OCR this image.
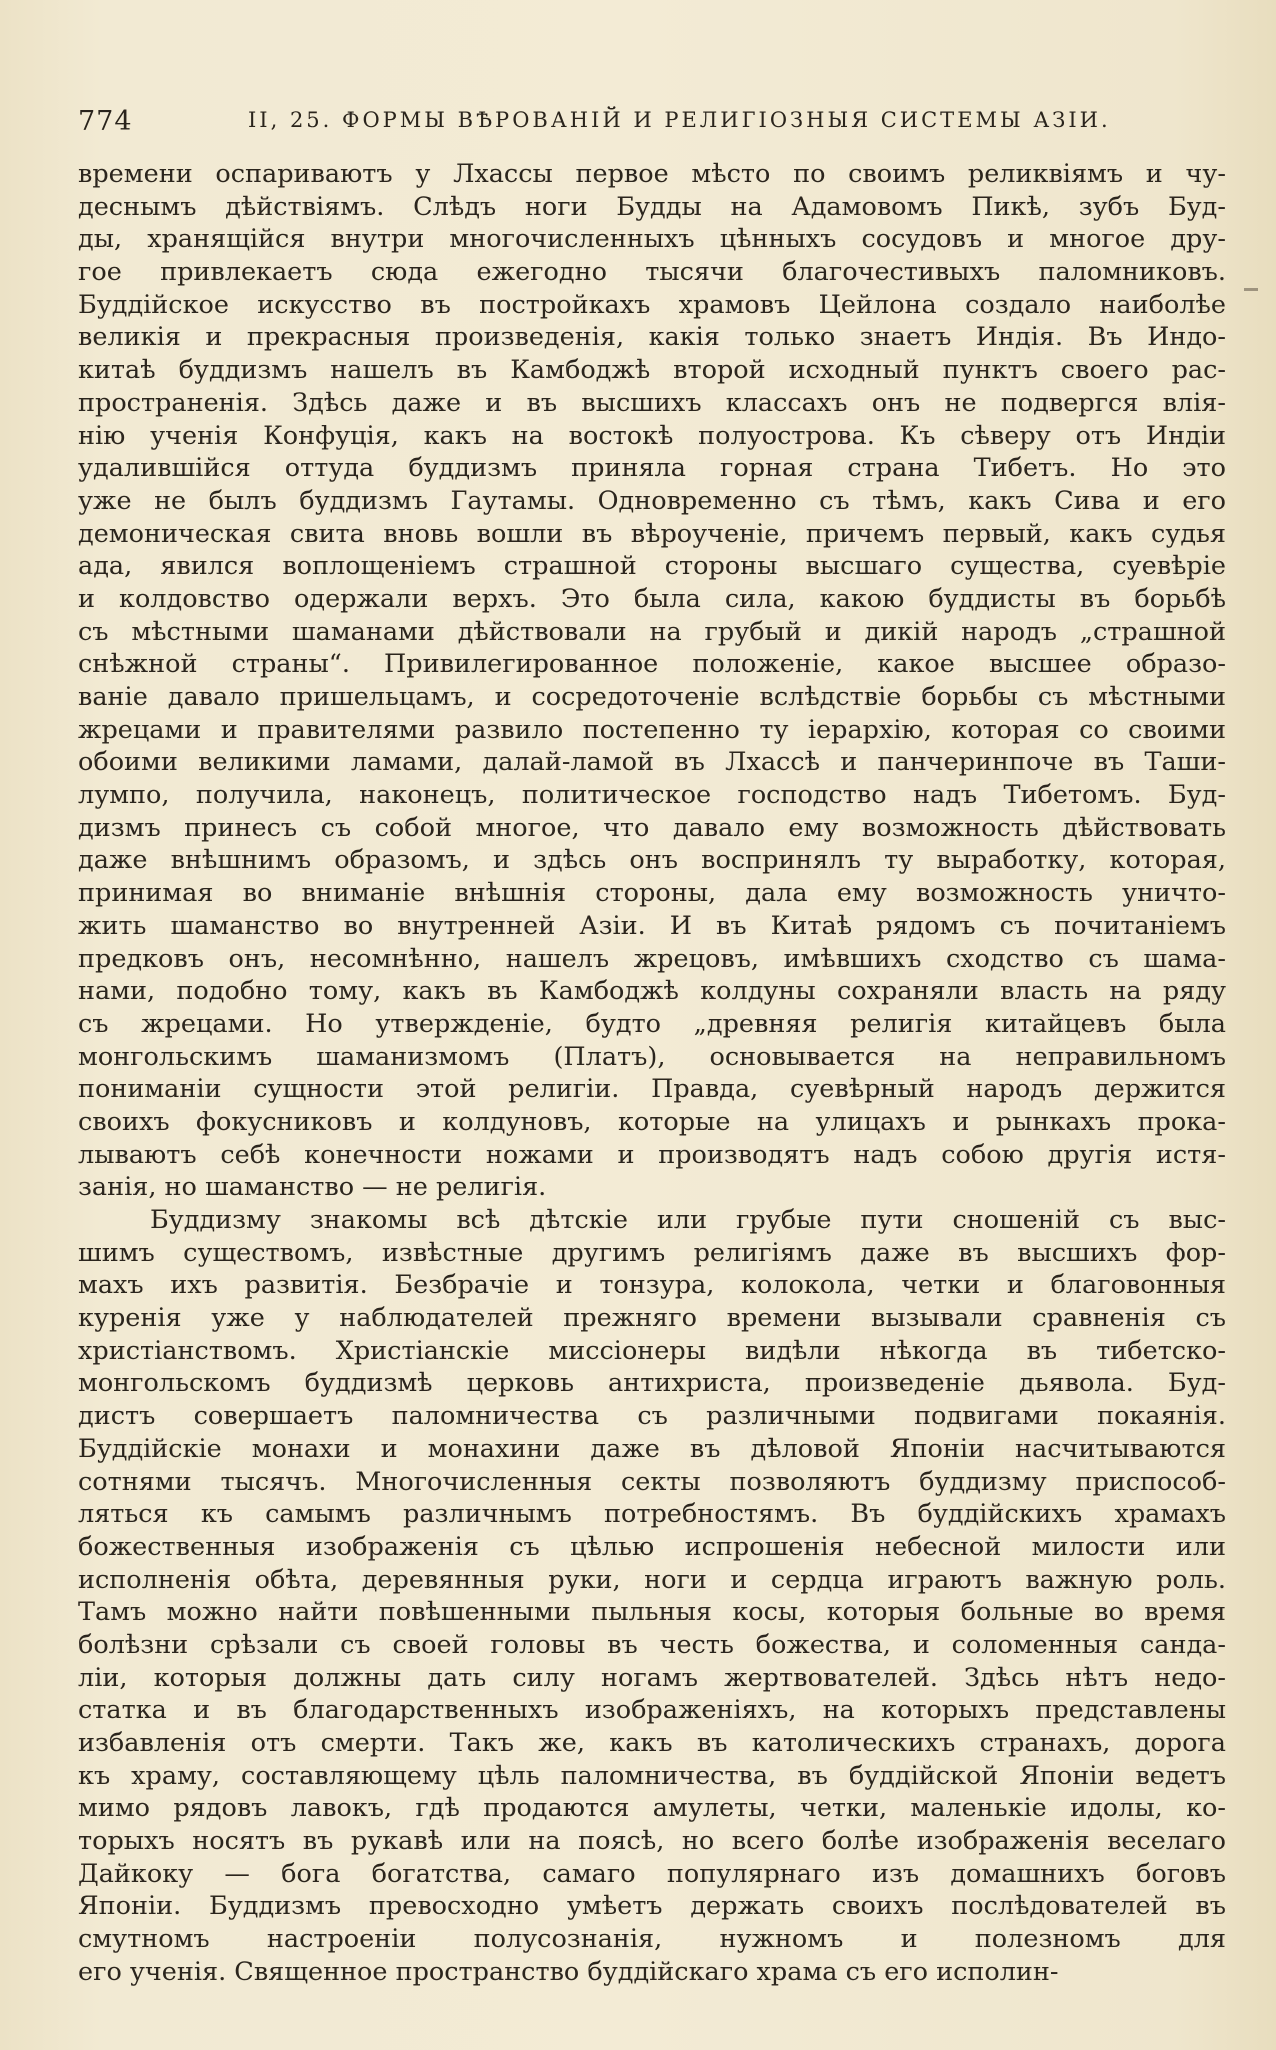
774	II, 25. ФОРМЫ ВѢРОВАНІЙ И РЕЛИГІОЗНЫЯ СИСТЕМЫ АЗІИ.
времени оспариваютъ у Лхассы первое мѣсто по своимъ реликвіямъ и чу-
деснымъ дѣйствіямъ. Слѣдъ ноги Будды на Адамовомъ Пикѣ, зубъ Буд-
ды, хранящійся внутри многочисленныхъ цѣнныхъ сосудовъ и многое дру-
гое привлекаетъ сюда ежегодно тысячи благочестивыхъ паломниковъ.
Буддійское искусство въ постройкахъ храмовъ Цейлона создало наиболѣе
великія и прекрасныя произведенія, какія только знаетъ Индія. Въ Индо-
китаѣ буддизмъ нашелъ въ Камбоджѣ второй исходный пунктъ своего рас-
пространенія. Здѣсь даже и въ высшихъ классахъ онъ не подвергся влія-
нію ученія Конфуція, какъ на востокѣ полуострова. Къ сѣверу отъ Индіи
удалившійся оттуда буддизмъ приняла горная страна Тибетъ. Но это
уже не былъ буддизмъ Гаутамы. Одновременно съ тѣмъ, какъ Сива и его
демоническая свита вновь вошли въ вѣроученіе, причемъ первый, какъ судья
ада, явился воплощеніемъ страшной стороны высшаго существа, суевѣріе
и колдовство одержали верхъ. Это была сила, какою буддисты въ борьбѣ
съ мѣстными шаманами дѣйствовали на грубый и дикій народъ „страшной
снѣжной страны“. Привилегированное положеніе, какое высшее образо-
ваніе давало пришельцамъ, и сосредоточеніе вслѣдствіе борьбы съ мѣстными
жрецами и правителями развило постепенно ту іерархію, которая со своими
обоими великими ламами, далай-ламой въ Лхассѣ и панчеринпоче въ Таши-
лумпо, получила, наконецъ, политическое господство надъ Тибетомъ. Буд-
дизмъ принесъ съ собой многое, что давало ему возможность дѣйствовать
даже внѣшнимъ образомъ, и здѣсь онъ воспринялъ ту выработку, которая,
принимая во вниманіе внѣшнія стороны, дала ему возможность уничто-
жить шаманство во внутренней Азіи. И въ Китаѣ рядомъ съ почитаніемъ
предковъ онъ, несомнѣнно, нашелъ жрецовъ, имѣвшихъ сходство съ шама-
нами, подобно тому, какъ въ Камбоджѣ колдуны сохраняли власть на ряду
съ жрецами. Но утвержденіе, будто „древняя религія китайцевъ была
монгольскимъ шаманизмомъ (Платъ), основывается на неправильномъ
пониманіи сущности этой религіи. Правда, суевѣрный народъ держится
своихъ фокусниковъ и колдуновъ, которые на улицахъ и рынкахъ прока-
лываютъ себѣ конечности ножами и производятъ надъ собою другія истя-
занія, но шаманство — не религія.
Буддизму знакомы всѣ дѣтскіе или грубые пути сношеній съ выс-
шимъ существомъ, извѣстные другимъ религіямъ даже въ высшихъ фор-
махъ ихъ развитія. Безбрачіе и тонзура, колокола, четки и благовонныя
куренія уже у наблюдателей прежняго времени вызывали сравненія съ
христіанствомъ. Христіанскіе миссіонеры видѣли нѣкогда въ тибетско-
монгольскомъ буддизмѣ церковь антихриста, произведеніе дьявола. Буд-
дистъ совершаетъ паломничества съ различными подвигами покаянія.
Буддійскіе монахи и монахини даже въ дѣловой Японіи насчитываются
сотнями тысячъ. Многочисленныя секты позволяютъ буддизму приспособ-
ляться къ самымъ различнымъ потребностямъ. Въ буддійскихъ храмахъ
божественныя изображенія съ цѣлью испрошенія небесной милости или
исполненія обѣта, деревянныя руки, ноги и сердца играютъ важную роль.
Тамъ можно найти повѣшенными пыльныя косы, которыя больные во время
болѣзни срѣзали съ своей головы въ честь божества, и соломенныя санда-
ліи, которыя должны дать силу ногамъ жертвователей. Здѣсь нѣтъ недо-
статка и въ благодарственныхъ изображеніяхъ, на которыхъ представлены
избавленія отъ смерти. Такъ же, какъ въ католическихъ странахъ, дорога
къ храму, составляющему цѣль паломничества, въ буддійской Японіи ведетъ
мимо рядовъ лавокъ, гдѣ продаются амулеты, четки, маленькіе идолы, ко-
торыхъ носятъ въ рукавѣ или на поясѣ, но всего болѣе изображенія веселаго
Дайкоку — бога богатства, самаго популярнаго изъ домашнихъ боговъ
Японіи. Буддизмъ превосходно умѣетъ держать своихъ послѣдователей въ
смутномъ настроеніи полусознанія, нужномъ и полезномъ для
его ученія. Священное пространство буддійскаго храма съ его исполин-
